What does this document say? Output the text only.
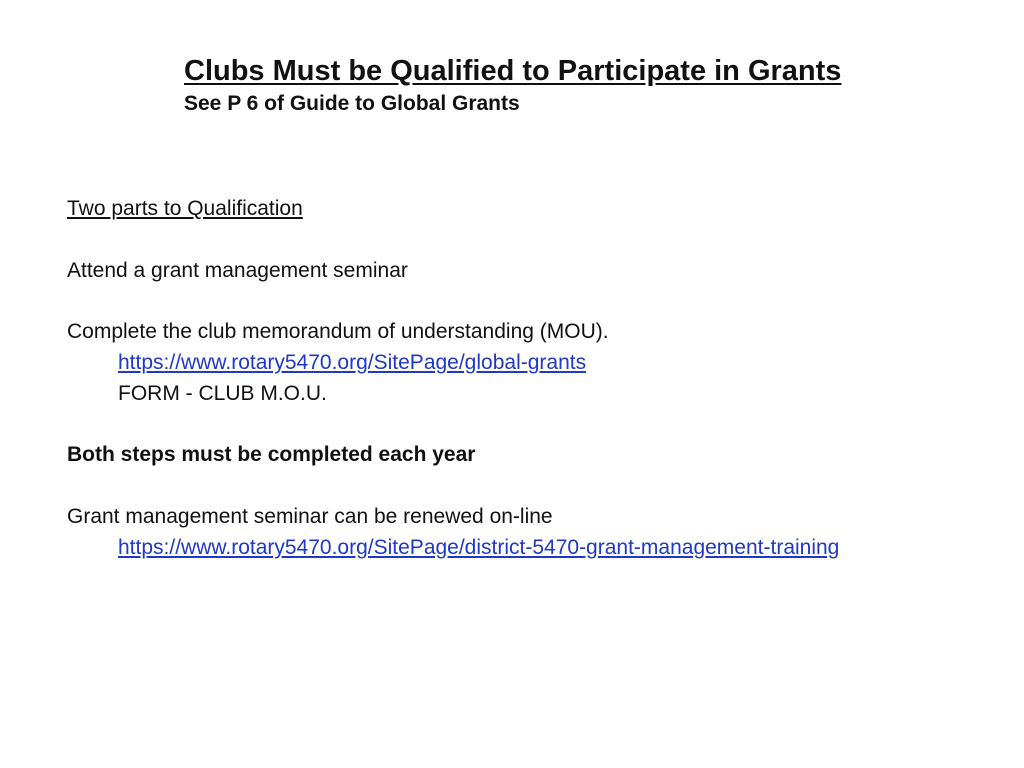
Clubs Must be Qualified to Participate in Grants
See P 6 of Guide to Global Grants
Two parts to Qualification
Attend a grant management seminar
Complete the club memorandum of understanding (MOU).
https://www.rotary5470.org/SitePage/global-grants
FORM - CLUB M.O.U.
Both steps must be completed each year
Grant management seminar can be renewed on-line
https://www.rotary5470.org/SitePage/district-5470-grant-management-training
